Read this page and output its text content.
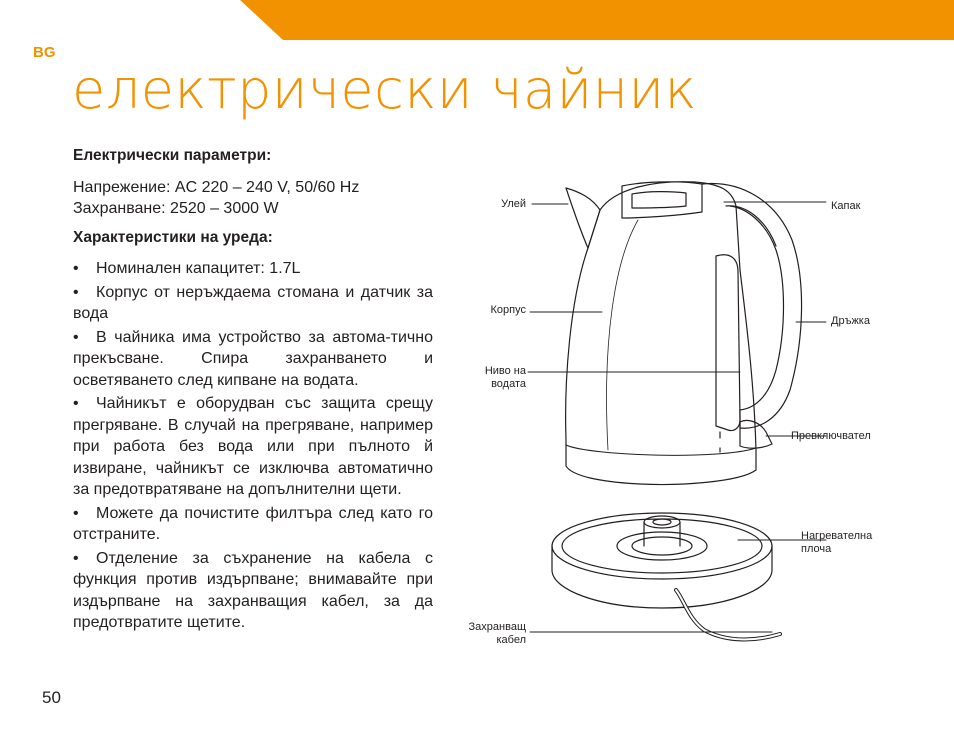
BG
електрически чайник
Електрически параметри:
Напрежение: AC 220 – 240 V, 50/60 Hz
Захранване: 2520 – 3000 W
Характеристики на уреда:
• Номинален капацитет: 1.7L
• Корпус от неръждаема стомана и датчик за вода
• В чайника има устройство за автома-тично прекъсване. Спира захранването и осветяването след кипване на водата.
• Чайникът е оборудван със защита срещу прегряване. В случай на прегряване, например при работа без вода или при пълното й извиране, чайникът се изключва автоматично за предотвратяване на допълнителни щети.
• Можете да почистите филтъра след като го отстраните.
• Отделение за съхранение на кабела с функция против издърпване; внимавайте при издърпване на захранващия кабел, за да предотвратите щетите.
Улей	Капак
Корпус
Дръжка
Ниво на
водата
Превключвател
Нагревателна
плоча
Захранващ
кабел
50
